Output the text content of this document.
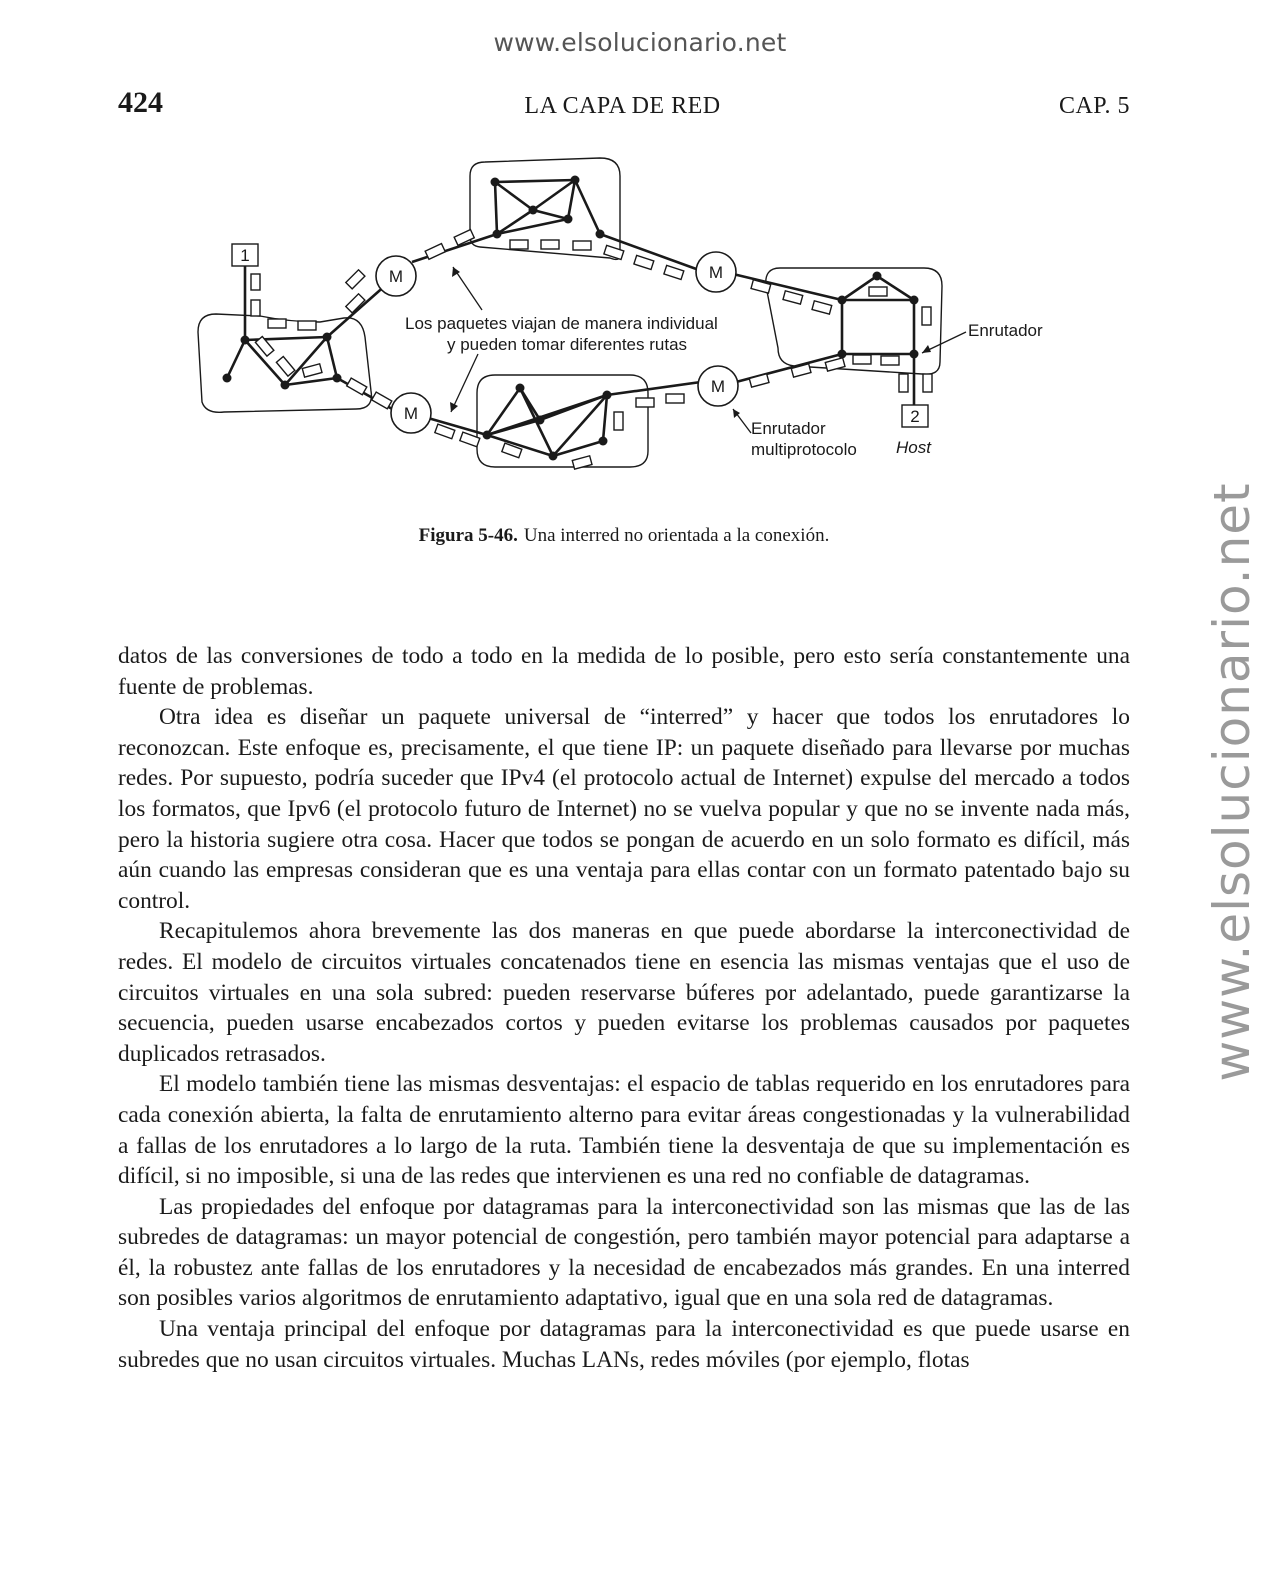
www.elsolucionario.net
www.elsolucionario.net
424	LA CAPA DE RED	CAP. 5
M	M
M
M
1
2
Los paquetes viajan de manera individual
y pueden tomar diferentes rutas
Enrutador
Enrutador
multiprotocolo Host
Figura 5-46. Una interred no orientada a la conexión.

datos de las conversiones de todo a todo en la medida de lo posible, pero esto sería constantemente una fuente de problemas.

Otra idea es diseñar un paquete universal de “interred” y hacer que todos los enrutadores lo reconozcan. Este enfoque es, precisamente, el que tiene IP: un paquete diseñado para llevarse por muchas redes. Por supuesto, podría suceder que IPv4 (el protocolo actual de Internet) expulse del mercado a todos los formatos, que Ipv6 (el protocolo futuro de Internet) no se vuelva popular y que no se invente nada más, pero la historia sugiere otra cosa. Hacer que todos se pongan de acuerdo en un solo formato es difícil, más aún cuando las empresas consideran que es una ventaja para ellas contar con un formato patentado bajo su control.

Recapitulemos ahora brevemente las dos maneras en que puede abordarse la interconectividad de redes. El modelo de circuitos virtuales concatenados tiene en esencia las mismas ventajas que el uso de circuitos virtuales en una sola subred: pueden reservarse búferes por adelantado, puede garantizarse la secuencia, pueden usarse encabezados cortos y pueden evitarse los problemas causados por paquetes duplicados retrasados.

El modelo también tiene las mismas desventajas: el espacio de tablas requerido en los enrutadores para cada conexión abierta, la falta de enrutamiento alterno para evitar áreas congestionadas y la vulnerabilidad a fallas de los enrutadores a lo largo de la ruta. También tiene la desventaja de que su implementación es difícil, si no imposible, si una de las redes que intervienen es una red no confiable de datagramas.

Las propiedades del enfoque por datagramas para la interconectividad son las mismas que las de las subredes de datagramas: un mayor potencial de congestión, pero también mayor potencial para adaptarse a él, la robustez ante fallas de los enrutadores y la necesidad de encabezados más grandes. En una interred son posibles varios algoritmos de enrutamiento adaptativo, igual que en una sola red de datagramas.

Una ventaja principal del enfoque por datagramas para la interconectividad es que puede usarse en subredes que no usan circuitos virtuales. Muchas LANs, redes móviles (por ejemplo, flotas
